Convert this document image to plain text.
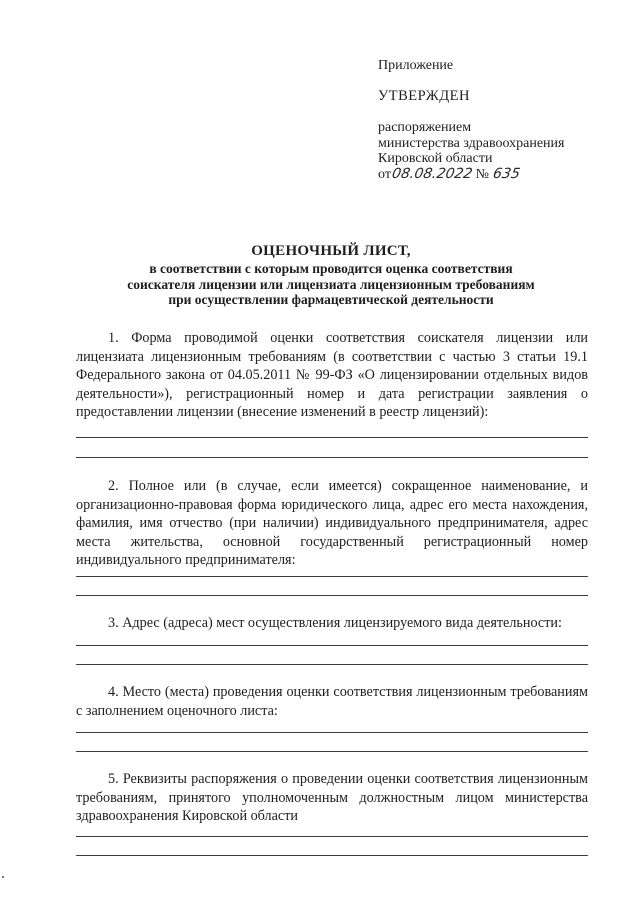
Приложение
УТВЕРЖДЕН
распоряжением
министерства здравоохранения
Кировской области
от08.08.2022 № 635
ОЦЕНОЧНЫЙ ЛИСТ,
в соответствии с которым проводится оценка соответствия
соискателя лицензии или лицензиата лицензионным требованиям
при осуществлении фармацевтической деятельности

1. Форма проводимой оценки соответствия соискателя лицензии или лицензиата лицензионным требованиям (в соответствии с частью 3 статьи 19.1 Федерального закона от 04.05.2011 № 99-ФЗ «О лицензировании отдельных видов деятельности»), регистрационный номер и дата регистрации заявления о предоставлении лицензии (внесение изменений в реестр лицензий):

2. Полное или (в случае, если имеется) сокращенное наименование, и организационно-правовая форма юридического лица, адрес его места нахождения, фамилия, имя отчество (при наличии) индивидуального предпринимателя, адрес места жительства, основной государственный регистрационный номер индивидуального предпринимателя:

3. Адрес (адреса) мест осуществления лицензируемого вида деятельности:

4. Место (места) проведения оценки соответствия лицензионным требованиям с заполнением оценочного листа:

5. Реквизиты распоряжения о проведении оценки соответствия лицензионным требованиям, принятого уполномоченным должностным лицом министерства здравоохранения Кировской области
